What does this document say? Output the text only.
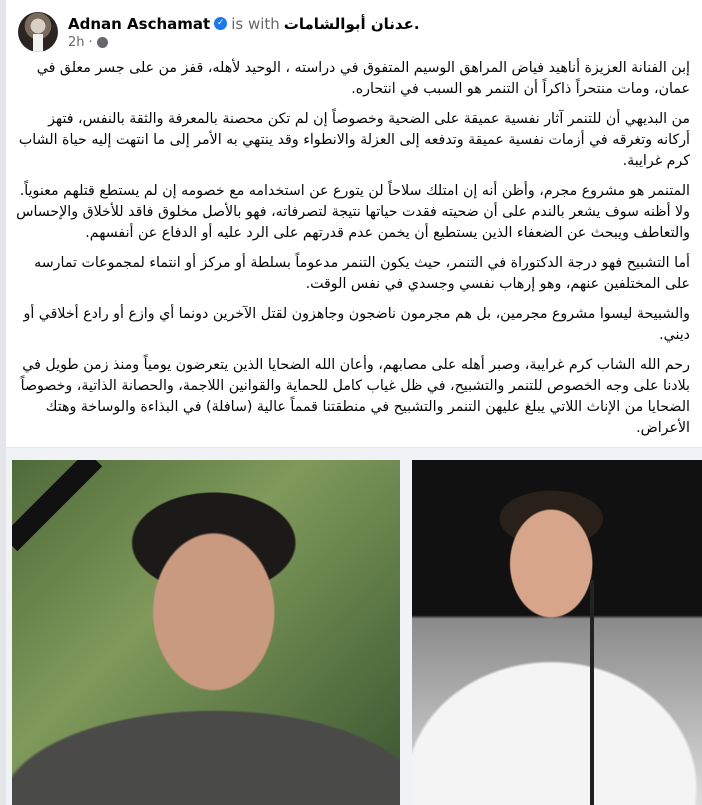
Adnan Aschamat ✓ is with عدنان أبوالشامات.
2h ·

إبن الفنانة العزيزة أناهيد فياض المراهق الوسيم المتفوق في دراسته ، الوحيد لأهله، قفز من على جسر معلق في عمان، ومات منتحراً ذاكراً أن التنمر هو السبب في انتحاره.

من البديهي أن للتنمر آثار نفسية عميقة على الضحية وخصوصاً إن لم تكن محصنة بالمعرفة والثقة بالنفس، فتهز أركانه وتغرقه في أزمات نفسية عميقة وتدفعه إلى العزلة والانطواء وقد ينتهي به الأمر إلى ما انتهت إليه حياة الشاب كرم غرايبة.

المتنمر هو مشروع مجرم، وأظن أنه إن امتلك سلاحاً لن يتورع عن استخدامه مع خصومه إن لم يستطع قتلهم معنوياً. ولا أظنه سوف يشعر بالندم على أن ضحيته فقدت حياتها نتيجة لتصرفاته، فهو بالأصل مخلوق فاقد للأخلاق والإحساس والتعاطف ويبحث عن الضعفاء الذين يستطيع أن يخمن عدم قدرتهم على الرد عليه أو الدفاع عن أنفسهم.

أما التشبيح فهو درجة الدكتوراة في التنمر، حيث يكون التنمر مدعوماً بسلطة أو مركز أو انتماء لمجموعات تمارسه على المختلفين عنهم، وهو إرهاب نفسي وجسدي في نفس الوقت.

والشبيحة ليسوا مشروع مجرمين، بل هم مجرمون ناضجون وجاهزون لقتل الآخرين دونما أي وازع أو رادع أخلاقي أو ديني.

رحم الله الشاب كرم غرايبة، وصبر أهله على مصابهم، وأعان الله الضحايا الذين يتعرضون يومياً ومنذ زمن طويل في بلادنا على وجه الخصوص للتنمر والتشبيح، في ظل غياب كامل للحماية والقوانين اللاجمة، والحصانة الذاتية، وخصوصاً الضحايا من الإناث اللاتي يبلغ عليهن التنمر والتشبيح في منطقتنا قمماً عالية (سافلة) في البذاءة والوساخة وهتك الأعراض.
